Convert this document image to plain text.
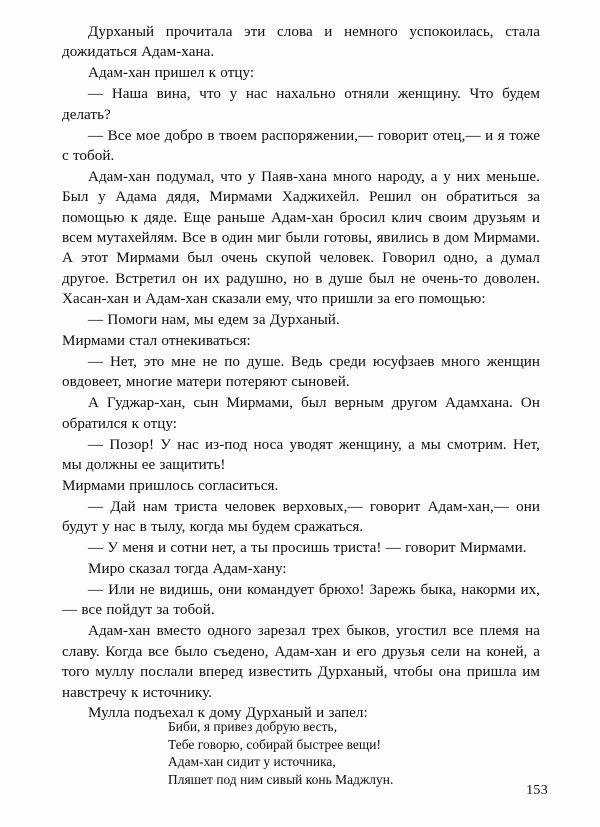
Дурханый прочитала эти слова и немного успокоилась, стала дожидаться Адам-хана.

Адам-хан пришел к отцу:

— Наша вина, что у нас нахально отняли женщину. Что будем делать?

— Все мое добро в твоем распоряжении,— говорит отец,— и я тоже с тобой.

Адам-хан подумал, что у Паяв-хана много народу, а у них меньше. Был у Адама дядя, Мирмами Хаджихейл. Решил он обратиться за помощью к дяде. Еще раньше Адам-хан бросил клич своим друзьям и всем мутахейлям. Все в один миг были готовы, явились в дом Мирмами. А этот Мирмами был очень скупой человек. Говорил одно, а думал другое. Встретил он их радушно, но в душе был не очень-то доволен. Хасан-хан и Адам-хан сказали ему, что пришли за его помощью:

— Помоги нам, мы едем за Дурханый.

Мирмами стал отнекиваться:

— Нет, это мне не по душе. Ведь среди юсуфзаев много женщин овдовеет, многие матери потеряют сыновей.

А Гуджар-хан, сын Мирмами, был верным другом Адамхана. Он обратился к отцу:

— Позор! У нас из-под носа уводят женщину, а мы смотрим. Нет, мы должны ее защитить!

Мирмами пришлось согласиться.

— Дай нам триста человек верховых,— говорит Адам-хан,— они будут у нас в тылу, когда мы будем сражаться.

— У меня и сотни нет, а ты просишь триста! — говорит Мирмами.

Миро сказал тогда Адам-хану:

— Или не видишь, они командует брюхо! Зарежь быка, накорми их,— все пойдут за тобой.

Адам-хан вместо одного зарезал трех быков, угостил все племя на славу. Когда все было съедено, Адам-хан и его друзья сели на коней, а того муллу послали вперед известить Дурханый, чтобы она пришла им навстречу к источнику.

Мулла подъехал к дому Дурханый и запел:

Биби, я привез добрую весть,
Тебе говорю, собирай быстрее вещи!
Адам-хан сидит у источника,
Пляшет под ним сивый конь Маджлун.
153
